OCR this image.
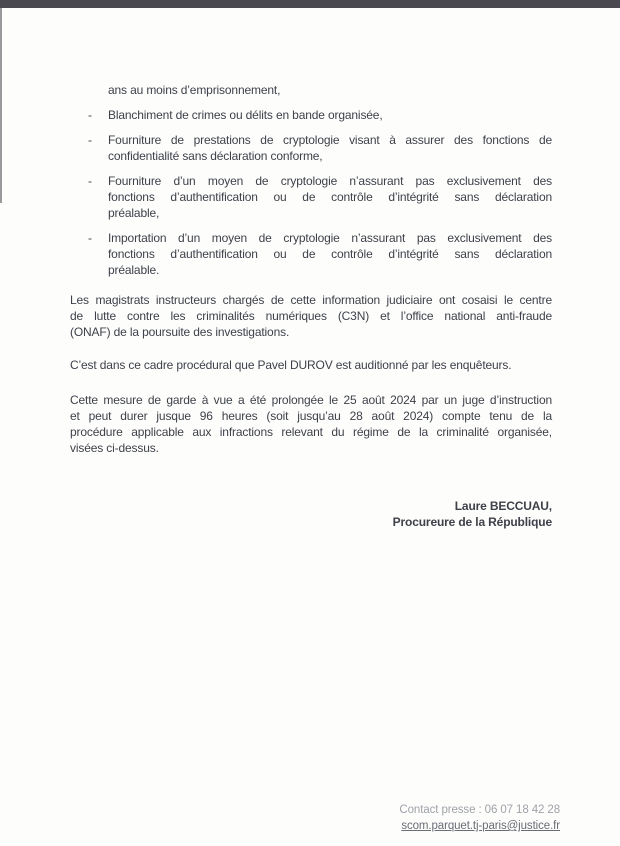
ans au moins d’emprisonnement,
- Blanchiment de crimes ou délits en bande organisée,
- Fourniture de prestations de cryptologie visant à assurer des fonctions de
confidentialité sans déclaration conforme,
- Fourniture d’un moyen de cryptologie n’assurant pas exclusivement des
fonctions d’authentification ou de contrôle d’intégrité sans déclaration
préalable,
- Importation d’un moyen de cryptologie n’assurant pas exclusivement des
fonctions d’authentification ou de contrôle d’intégrité sans déclaration
préalable.
Les magistrats instructeurs chargés de cette information judiciaire ont cosaisi le centre
de lutte contre les criminalités numériques (C3N) et l’office national anti-fraude
(ONAF) de la poursuite des investigations.
C’est dans ce cadre procédural que Pavel DUROV est auditionné par les enquêteurs.
Cette mesure de garde à vue a été prolongée le 25 août 2024 par un juge d’instruction
et peut durer jusque 96 heures (soit jusqu’au 28 août 2024) compte tenu de la
procédure applicable aux infractions relevant du régime de la criminalité organisée,
visées ci-dessus.
Laure BECCUAU,
Procureure de la République
Contact presse : 06 07 18 42 28
scom.parquet.tj-paris@justice.fr
